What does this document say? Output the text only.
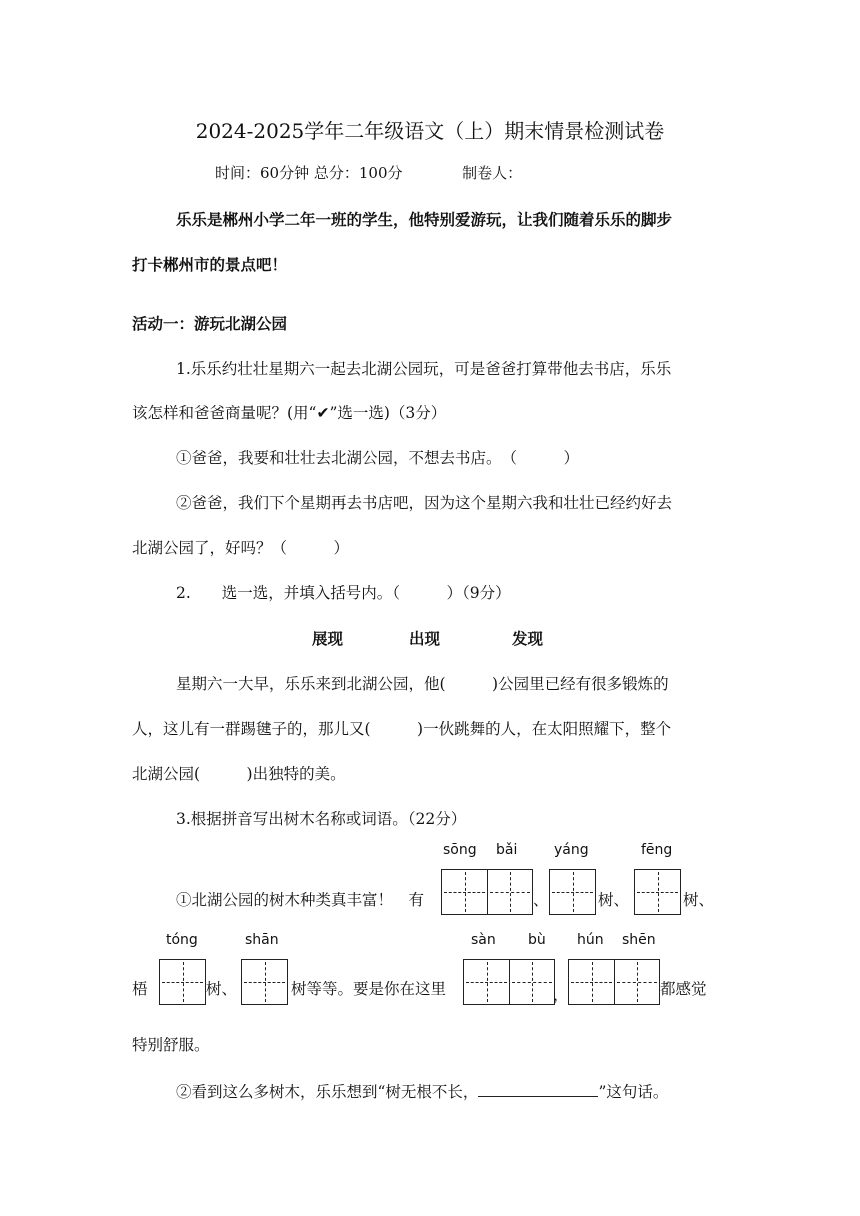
2024-2025学年二年级语文（上）期末情景检测试卷
时间：60分钟 总分：100分	制卷人：
乐乐是郴州小学二年一班的学生，他特别爱游玩，让我们随着乐乐的脚步
打卡郴州市的景点吧！
活动一：游玩北湖公园
1.乐乐约壮壮星期六一起去北湖公园玩，可是爸爸打算带他去书店，乐乐
该怎样和爸爸商量呢？(用“✔”选一选)（3分）
①爸爸，我要和壮壮去北湖公园，不想去书店。　（　　　）
②爸爸，我们下个星期再去书店吧，因为这个星期六我和壮壮已经约好去
北湖公园了，好吗？（　　　）
2.　　选一选，并填入括号内。（　　　）（9分）
展现	出现	发现
星期六一大早，乐乐来到北湖公园，他(　　　)公园里已经有很多锻炼的
人，这儿有一群踢毽子的，那儿又(　　　)一伙跳舞的人，在太阳照耀下，整个
北湖公园(　　　)出独特的美。
3.根据拼音写出树木名称或词语。（22分）
sōng bǎi	yáng	fēng
①北湖公园的树木种类真丰富！　有	、	树、	树、
tóng	shān	sàn bù hún shēn
梧	树、	树等等。要是你在这里	，	都感觉
特别舒服。
②看到这么多树木，乐乐想到“树无根不长，	”这句话。
